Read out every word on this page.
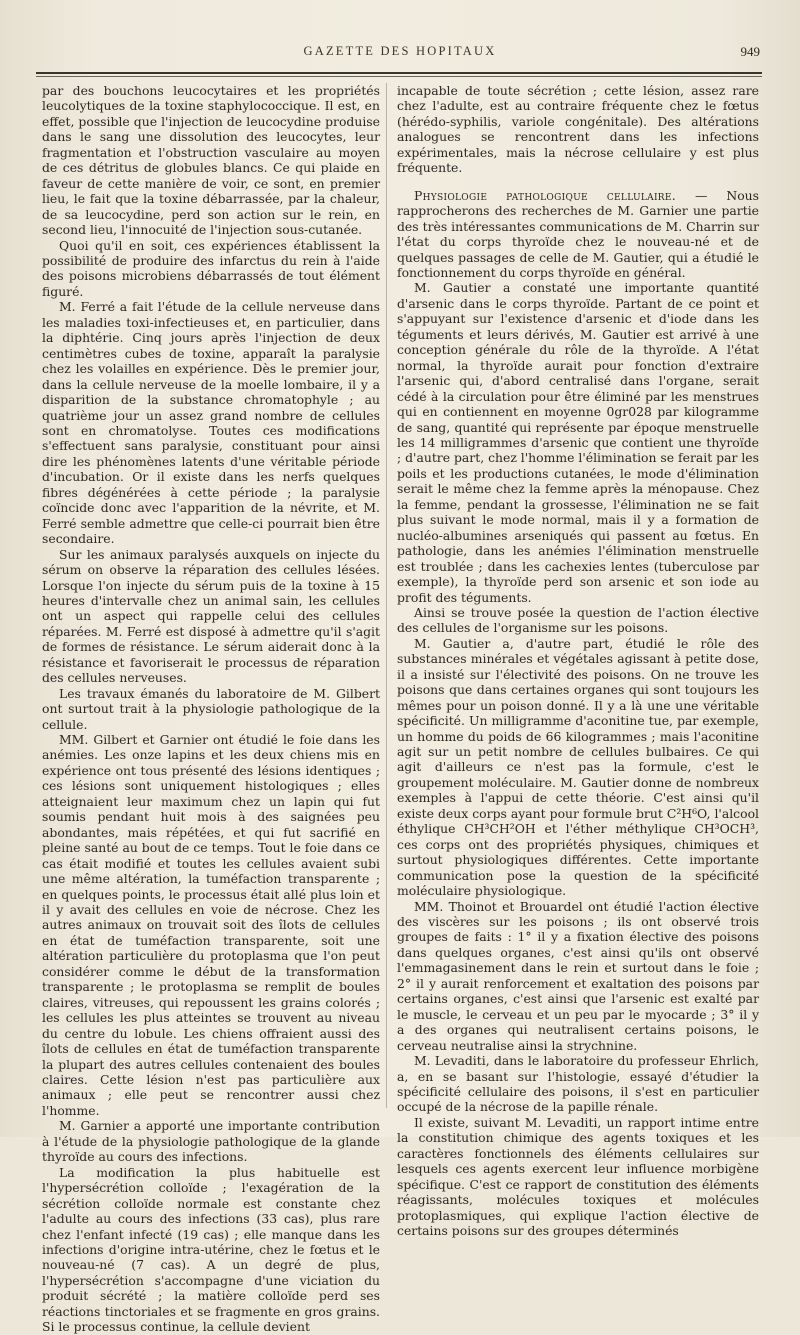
GAZETTE DES HOPITAUX	949

par des bouchons leucocytaires et les propriétés leucolytiques de la toxine staphylococcique. Il est, en effet, possible que l'injection de leucocydine produise dans le sang une dissolution des leucocytes, leur fragmentation et l'obstruction vasculaire au moyen de ces détritus de globules blancs. Ce qui plaide en faveur de cette manière de voir, ce sont, en premier lieu, le fait que la toxine débarrassée, par la chaleur, de sa leucocydine, perd son action sur le rein, en second lieu, l'innocuité de l'injection sous-cutanée.

Quoi qu'il en soit, ces expériences établissent la possibilité de produire des infarctus du rein à l'aide des poisons microbiens débarrassés de tout élément figuré.

M. Ferré a fait l'étude de la cellule nerveuse dans les maladies toxi-infectieuses et, en particulier, dans la diphtérie. Cinq jours après l'injection de deux centimètres cubes de toxine, apparaît la paralysie chez les volailles en expérience. Dès le premier jour, dans la cellule nerveuse de la moelle lombaire, il y a disparition de la substance chromatophyle ; au quatrième jour un assez grand nombre de cellules sont en chromatolyse. Toutes ces modifications s'effectuent sans paralysie, constituant pour ainsi dire les phénomènes latents d'une véritable période d'incubation. Or il existe dans les nerfs quelques fibres dégénérées à cette période ; la paralysie coïncide donc avec l'apparition de la névrite, et M. Ferré semble admettre que celle-ci pourrait bien être secondaire.

Sur les animaux paralysés auxquels on injecte du sérum on observe la réparation des cellules lésées. Lorsque l'on injecte du sérum puis de la toxine à 15 heures d'intervalle chez un animal sain, les cellules ont un aspect qui rappelle celui des cellules réparées. M. Ferré est disposé à admettre qu'il s'agit de formes de résistance. Le sérum aiderait donc à la résistance et favoriserait le processus de réparation des cellules nerveuses.

Les travaux émanés du laboratoire de M. Gilbert ont surtout trait à la physiologie pathologique de la cellule.

MM. Gilbert et Garnier ont étudié le foie dans les anémies. Les onze lapins et les deux chiens mis en expérience ont tous présenté des lésions identiques ; ces lésions sont uniquement histologiques ; elles atteignaient leur maximum chez un lapin qui fut soumis pendant huit mois à des saignées peu abondantes, mais répétées, et qui fut sacrifié en pleine santé au bout de ce temps. Tout le foie dans ce cas était modifié et toutes les cellules avaient subi une même altération, la tuméfaction transparente ; en quelques points, le processus était allé plus loin et il y avait des cellules en voie de nécrose. Chez les autres animaux on trouvait soit des îlots de cellules en état de tuméfaction transparente, soit une altération particulière du protoplasma que l'on peut considérer comme le début de la transformation transparente ; le protoplasma se remplit de boules claires, vitreuses, qui repoussent les grains colorés ; les cellules les plus atteintes se trouvent au niveau du centre du lobule. Les chiens offraient aussi des îlots de cellules en état de tuméfaction transparente la plupart des autres cellules contenaient des boules claires. Cette lésion n'est pas particulière aux animaux ; elle peut se rencontrer aussi chez l'homme.

M. Garnier a apporté une importante contribution à l'étude de la physiologie pathologique de la glande thyroïde au cours des infections.

La modification la plus habituelle est l'hypersécrétion colloïde ; l'exagération de la sécrétion colloïde normale est constante chez l'adulte au cours des infections (33 cas), plus rare chez l'enfant infecté (19 cas) ; elle manque dans les infections d'origine intra-utérine, chez le fœtus et le nouveau-né (7 cas). A un degré de plus, l'hypersécrétion s'accompagne d'une viciation du produit sécrété ; la matière colloïde perd ses réactions tinctoriales et se fragmente en gros grains. Si le processus continue, la cellule devient

incapable de toute sécrétion ; cette lésion, assez rare chez l'adulte, est au contraire fréquente chez le fœtus (hérédo-syphilis, variole congénitale). Des altérations analogues se rencontrent dans les infections expérimentales, mais la nécrose cellulaire y est plus fréquente.

Physiologie pathologique cellulaire. — Nous rapprocherons des recherches de M. Garnier une partie des très intéressantes communications de M. Charrin sur l'état du corps thyroïde chez le nouveau-né et de quelques passages de celle de M. Gautier, qui a étudié le fonctionnement du corps thyroïde en général.

M. Gautier a constaté une importante quantité d'arsenic dans le corps thyroïde. Partant de ce point et s'appuyant sur l'existence d'arsenic et d'iode dans les téguments et leurs dérivés, M. Gautier est arrivé à une conception générale du rôle de la thyroïde. A l'état normal, la thyroïde aurait pour fonction d'extraire l'arsenic qui, d'abord centralisé dans l'organe, serait cédé à la circulation pour être éliminé par les menstrues qui en contiennent en moyenne 0gr028 par kilogramme de sang, quantité qui représente par époque menstruelle les 14 milligrammes d'arsenic que contient une thyroïde ; d'autre part, chez l'homme l'élimination se ferait par les poils et les productions cutanées, le mode d'élimination serait le même chez la femme après la ménopause. Chez la femme, pendant la grossesse, l'élimination ne se fait plus suivant le mode normal, mais il y a formation de nucléo-albumines arseniqués qui passent au fœtus. En pathologie, dans les anémies l'élimination menstruelle est troublée ; dans les cachexies lentes (tuberculose par exemple), la thyroïde perd son arsenic et son iode au profit des téguments.

Ainsi se trouve posée la question de l'action élective des cellules de l'organisme sur les poisons.

M. Gautier a, d'autre part, étudié le rôle des substances minérales et végétales agissant à petite dose, il a insisté sur l'électivité des poisons. On ne trouve les poisons que dans certaines organes qui sont toujours les mêmes pour un poison donné. Il y a là une une véritable spécificité. Un milligramme d'aconitine tue, par exemple, un homme du poids de 66 kilogrammes ; mais l'aconitine agit sur un petit nombre de cellules bulbaires. Ce qui agit d'ailleurs ce n'est pas la formule, c'est le groupement moléculaire. M. Gautier donne de nombreux exemples à l'appui de cette théorie. C'est ainsi qu'il existe deux corps ayant pour formule brut C²H⁶O, l'alcool éthylique CH³CH²OH et l'éther méthylique CH³OCH³, ces corps ont des propriétés physiques, chimiques et surtout physiologiques différentes. Cette importante communication pose la question de la spécificité moléculaire physiologique.

MM. Thoinot et Brouardel ont étudié l'action élective des viscères sur les poisons ; ils ont observé trois groupes de faits : 1° il y a fixation élective des poisons dans quelques organes, c'est ainsi qu'ils ont observé l'emmagasinement dans le rein et surtout dans le foie ; 2° il y aurait renforcement et exaltation des poisons par certains organes, c'est ainsi que l'arsenic est exalté par le muscle, le cerveau et un peu par le myocarde ; 3° il y a des organes qui neutralisent certains poisons, le cerveau neutralise ainsi la strychnine.

M. Levaditi, dans le laboratoire du professeur Ehrlich, a, en se basant sur l'histologie, essayé d'étudier la spécificité cellulaire des poisons, il s'est en particulier occupé de la nécrose de la papille rénale.

Il existe, suivant M. Levaditi, un rapport intime entre la constitution chimique des agents toxiques et les caractères fonctionnels des éléments cellulaires sur lesquels ces agents exercent leur influence morbigène spécifique. C'est ce rapport de constitution des éléments réagissants, molécules toxiques et molécules protoplasmiques, qui explique l'action élective de certains poisons sur des groupes déterminés
